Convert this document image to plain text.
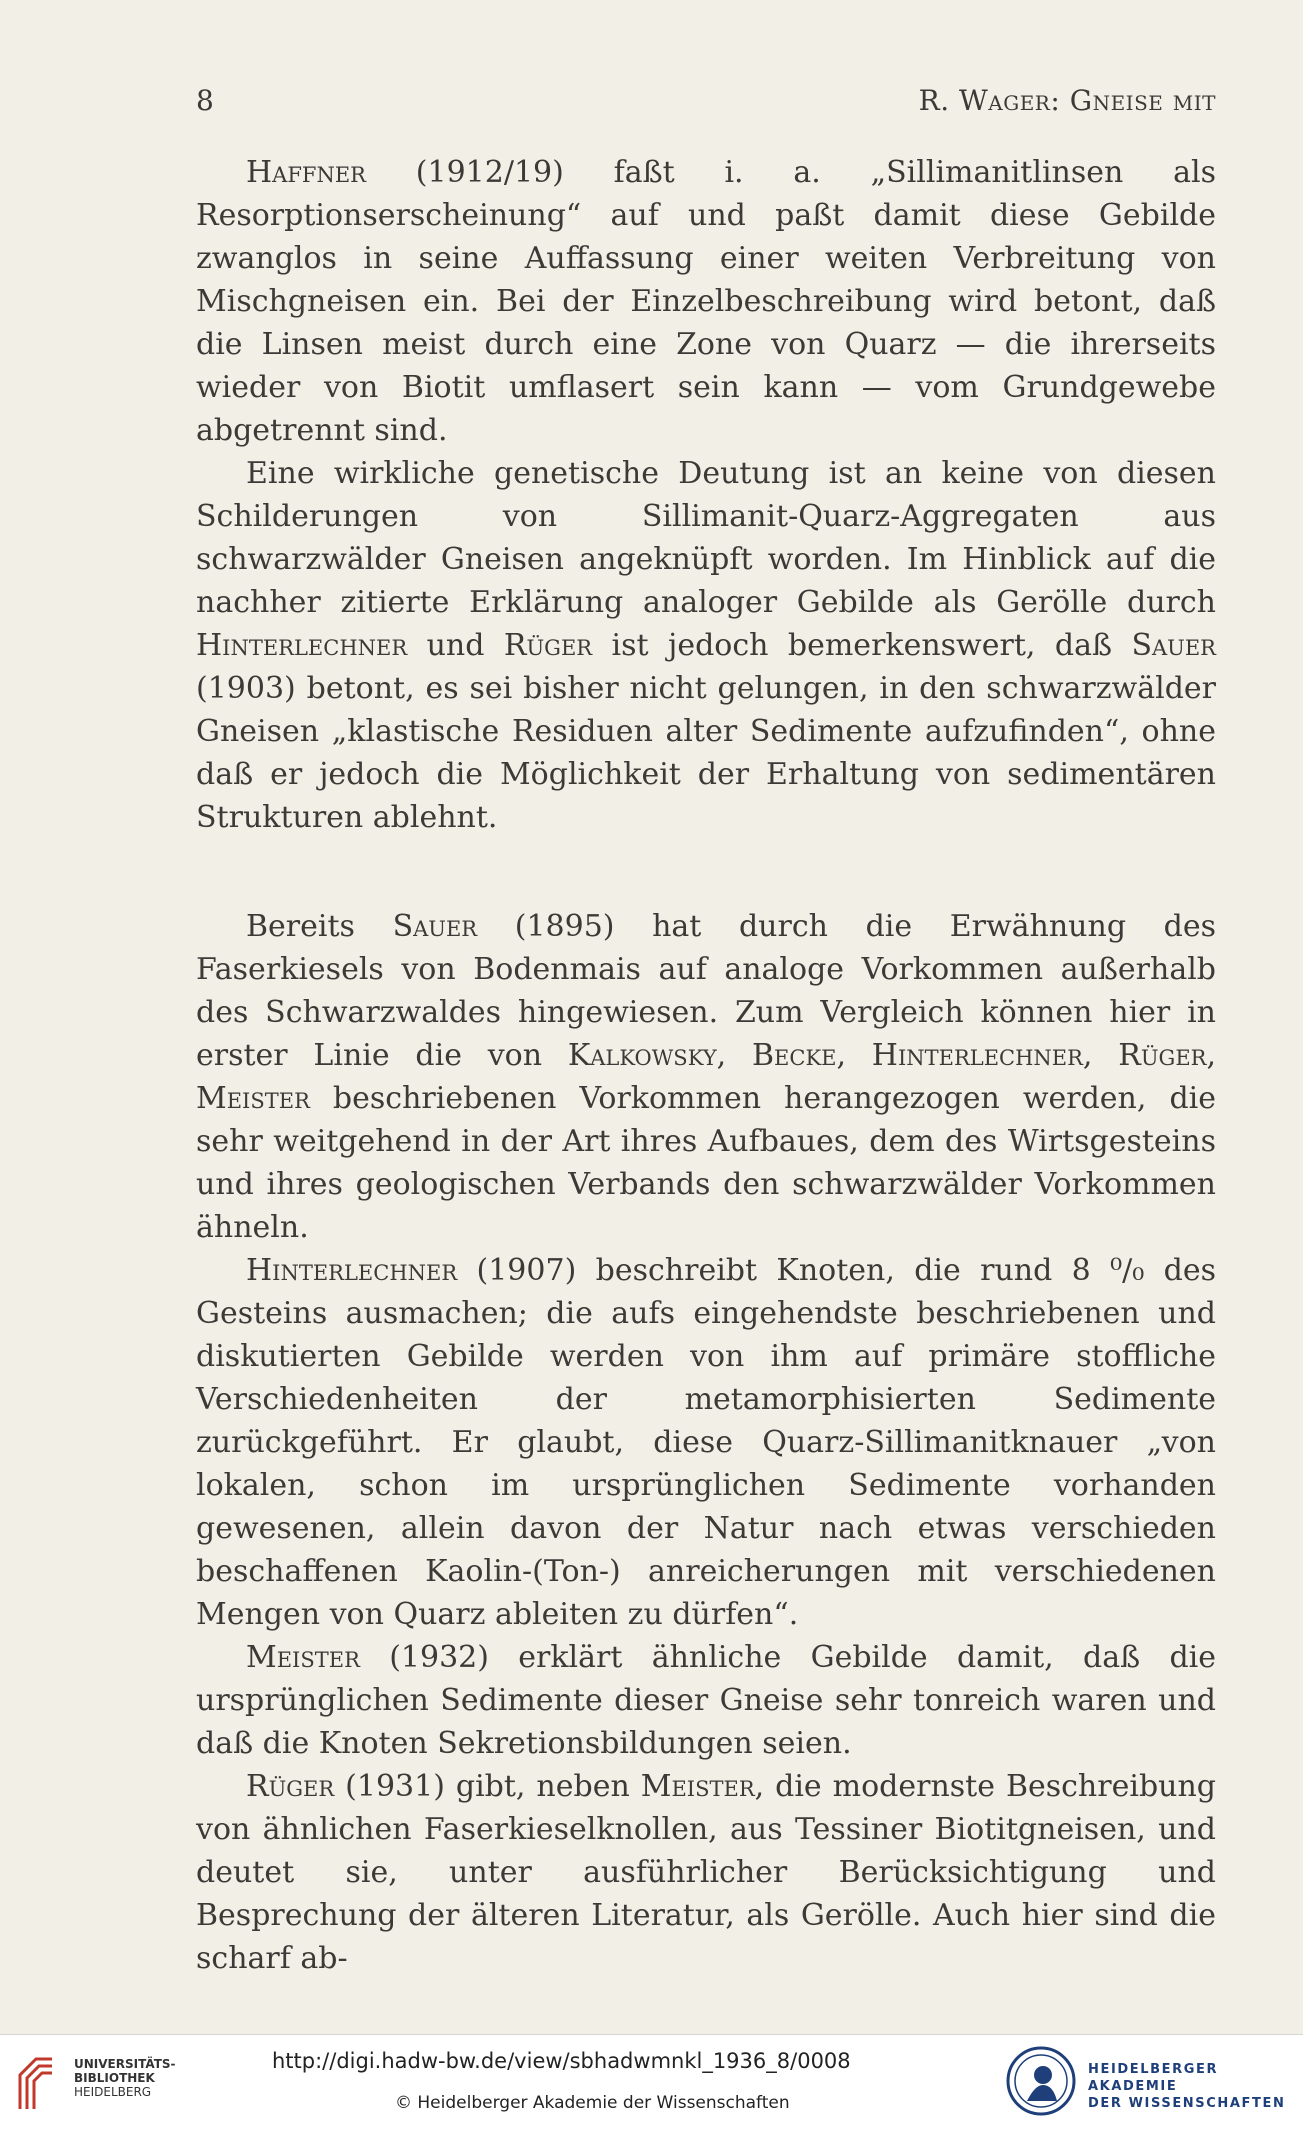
8	R. Wager: Gneise mit

Haffner (1912/19) faßt i. a. „Sillimanitlinsen als Resorptionserscheinung“ auf und paßt damit diese Gebilde zwanglos in seine Auffassung einer weiten Verbreitung von Mischgneisen ein. Bei der Einzelbeschreibung wird betont, daß die Linsen meist durch eine Zone von Quarz — die ihrerseits wieder von Biotit umflasert sein kann — vom Grundgewebe abgetrennt sind.

Eine wirkliche genetische Deutung ist an keine von diesen Schilderungen von Sillimanit-Quarz-Aggregaten aus schwarzwälder Gneisen angeknüpft worden. Im Hinblick auf die nachher zitierte Erklärung analoger Gebilde als Gerölle durch Hinterlechner und Rüger ist jedoch bemerkenswert, daß Sauer (1903) betont, es sei bisher nicht gelungen, in den schwarzwälder Gneisen „klastische Residuen alter Sedimente aufzufinden“, ohne daß er jedoch die Möglichkeit der Erhaltung von sedimentären Strukturen ablehnt.

Bereits Sauer (1895) hat durch die Erwähnung des Faserkiesels von Bodenmais auf analoge Vorkommen außerhalb des Schwarzwaldes hingewiesen. Zum Vergleich können hier in erster Linie die von Kalkowsky, Becke, Hinterlechner, Rüger, Meister beschriebenen Vorkommen herangezogen werden, die sehr weitgehend in der Art ihres Aufbaues, dem des Wirtsgesteins und ihres geologischen Verbands den schwarzwälder Vorkommen ähneln.

Hinterlechner (1907) beschreibt Knoten, die rund 8 ⁰/₀ des Gesteins ausmachen; die aufs eingehendste beschriebenen und diskutierten Gebilde werden von ihm auf primäre stoffliche Verschiedenheiten der metamorphisierten Sedimente zurückgeführt. Er glaubt, diese Quarz-Sillimanitknauer „von lokalen, schon im ursprünglichen Sedimente vorhanden gewesenen, allein davon der Natur nach etwas verschieden beschaffenen Kaolin-(Ton-) anreicherungen mit verschiedenen Mengen von Quarz ableiten zu dürfen“.

Meister (1932) erklärt ähnliche Gebilde damit, daß die ursprünglichen Sedimente dieser Gneise sehr tonreich waren und daß die Knoten Sekretionsbildungen seien.

Rüger (1931) gibt, neben Meister, die modernste Beschreibung von ähnlichen Faserkieselknollen, aus Tessiner Biotitgneisen, und deutet sie, unter ausführlicher Berücksichtigung und Besprechung der älteren Literatur, als Gerölle. Auch hier sind die scharf ab-

UNIVERSITÄTS-
BIBLIOTHEK
HEIDELBERG
http://digi.hadw-bw.de/view/sbhadwmnkl_1936_8/0008
© Heidelberger Akademie der Wissenschaften
HEIDELBERGER AKADEMIE
DER WISSENSCHAFTEN
